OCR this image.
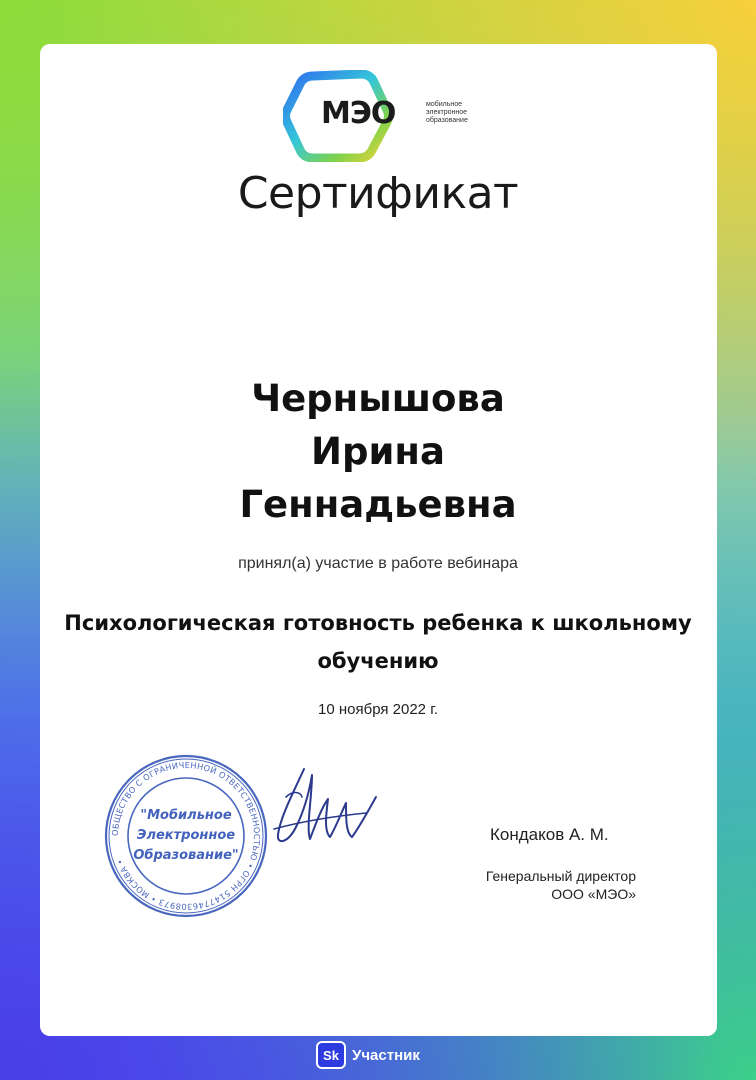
МЭО	мобильное
электронное
образование
Сертификат
Чернышова
Ирина
Геннадьевна
принял(а) участие в работе вебинара
Психологическая готовность ребенка к школьному обучению
10 ноября 2022 г.
ОБЩЕСТВО С ОГРАНИЧЕННОЙ ОТВЕТСТВЕННОСТЬЮ • ОГРН 5147746308973 • МОСКВА •
"Мобильное
Электронное
Образование"
Кондаков А. М.
Генеральный директор
ООО «МЭО»
Sk Участник
